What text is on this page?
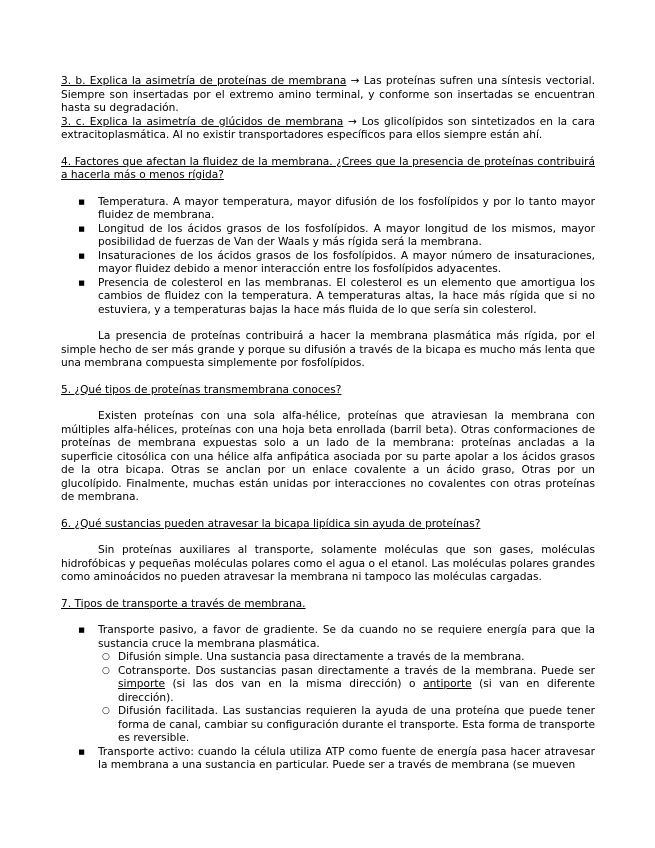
3. b. Explica la asimetría de proteínas de membrana → Las proteínas sufren una síntesis vectorial. Siempre son insertadas por el extremo amino terminal, y conforme son insertadas se encuentran hasta su degradación.

3. c. Explica la asimetría de glúcidos de membrana → Los glicolípidos son sintetizados en la cara extracitoplasmática. Al no existir transportadores específicos para ellos siempre están ahí.

4. Factores que afectan la fluidez de la membrana. ¿Crees que la presencia de proteínas contribuirá a hacerla más o menos rígida?

▪ Temperatura. A mayor temperatura, mayor difusión de los fosfolípidos y por lo tanto mayor fluidez de membrana.
▪ Longitud de los ácidos grasos de los fosfolípidos. A mayor longitud de los mismos, mayor posibilidad de fuerzas de Van der Waals y más rígida será la membrana.
▪ Insaturaciones de los ácidos grasos de los fosfolípidos. A mayor número de insaturaciones, mayor fluidez debido a menor interacción entre los fosfolípidos adyacentes.
▪ Presencia de colesterol en las membranas. El colesterol es un elemento que amortigua los cambios de fluidez con la temperatura. A temperaturas altas, la hace más rígida que si no estuviera, y a temperaturas bajas la hace más fluida de lo que sería sin colesterol.

La presencia de proteínas contribuirá a hacer la membrana plasmática más rígida, por el simple hecho de ser más grande y porque su difusión a través de la bicapa es mucho más lenta que una membrana compuesta simplemente por fosfolípidos.

5. ¿Qué tipos de proteínas transmembrana conoces?

Existen proteínas con una sola alfa-hélice, proteínas que atraviesan la membrana con múltiples alfa-hélices, proteínas con una hoja beta enrollada (barril beta). Otras conformaciones de proteínas de membrana expuestas solo a un lado de la membrana: proteínas ancladas a la superficie citosólica con una hélice alfa anfipática asociada por su parte apolar a los ácidos grasos de la otra bicapa. Otras se anclan por un enlace covalente a un ácido graso, Otras por un glucolípido. Finalmente, muchas están unidas por interacciones no covalentes con otras proteínas de membrana.

6. ¿Qué sustancias pueden atravesar la bicapa lipídica sin ayuda de proteínas?

Sin proteínas auxiliares al transporte, solamente moléculas que son gases, moléculas hidrofóbicas y pequeñas moléculas polares como el agua o el etanol. Las moléculas polares grandes como aminoácidos no pueden atravesar la membrana ni tampoco las moléculas cargadas.

7. Tipos de transporte a través de membrana.

▪ Transporte pasivo, a favor de gradiente. Se da cuando no se requiere energía para que la sustancia cruce la membrana plasmática.
○ Difusión simple. Una sustancia pasa directamente a través de la membrana.
○ Cotransporte. Dos sustancias pasan directamente a través de la membrana. Puede ser simporte (si las dos van en la misma dirección) o antiporte (si van en diferente dirección).
○ Difusión facilitada. Las sustancias requieren la ayuda de una proteína que puede tener forma de canal, cambiar su configuración durante el transporte. Esta forma de transporte es reversible.
▪ Transporte activo: cuando la célula utiliza ATP como fuente de energía pasa hacer atravesar la membrana a una sustancia en particular. Puede ser a través de membrana (se mueven
